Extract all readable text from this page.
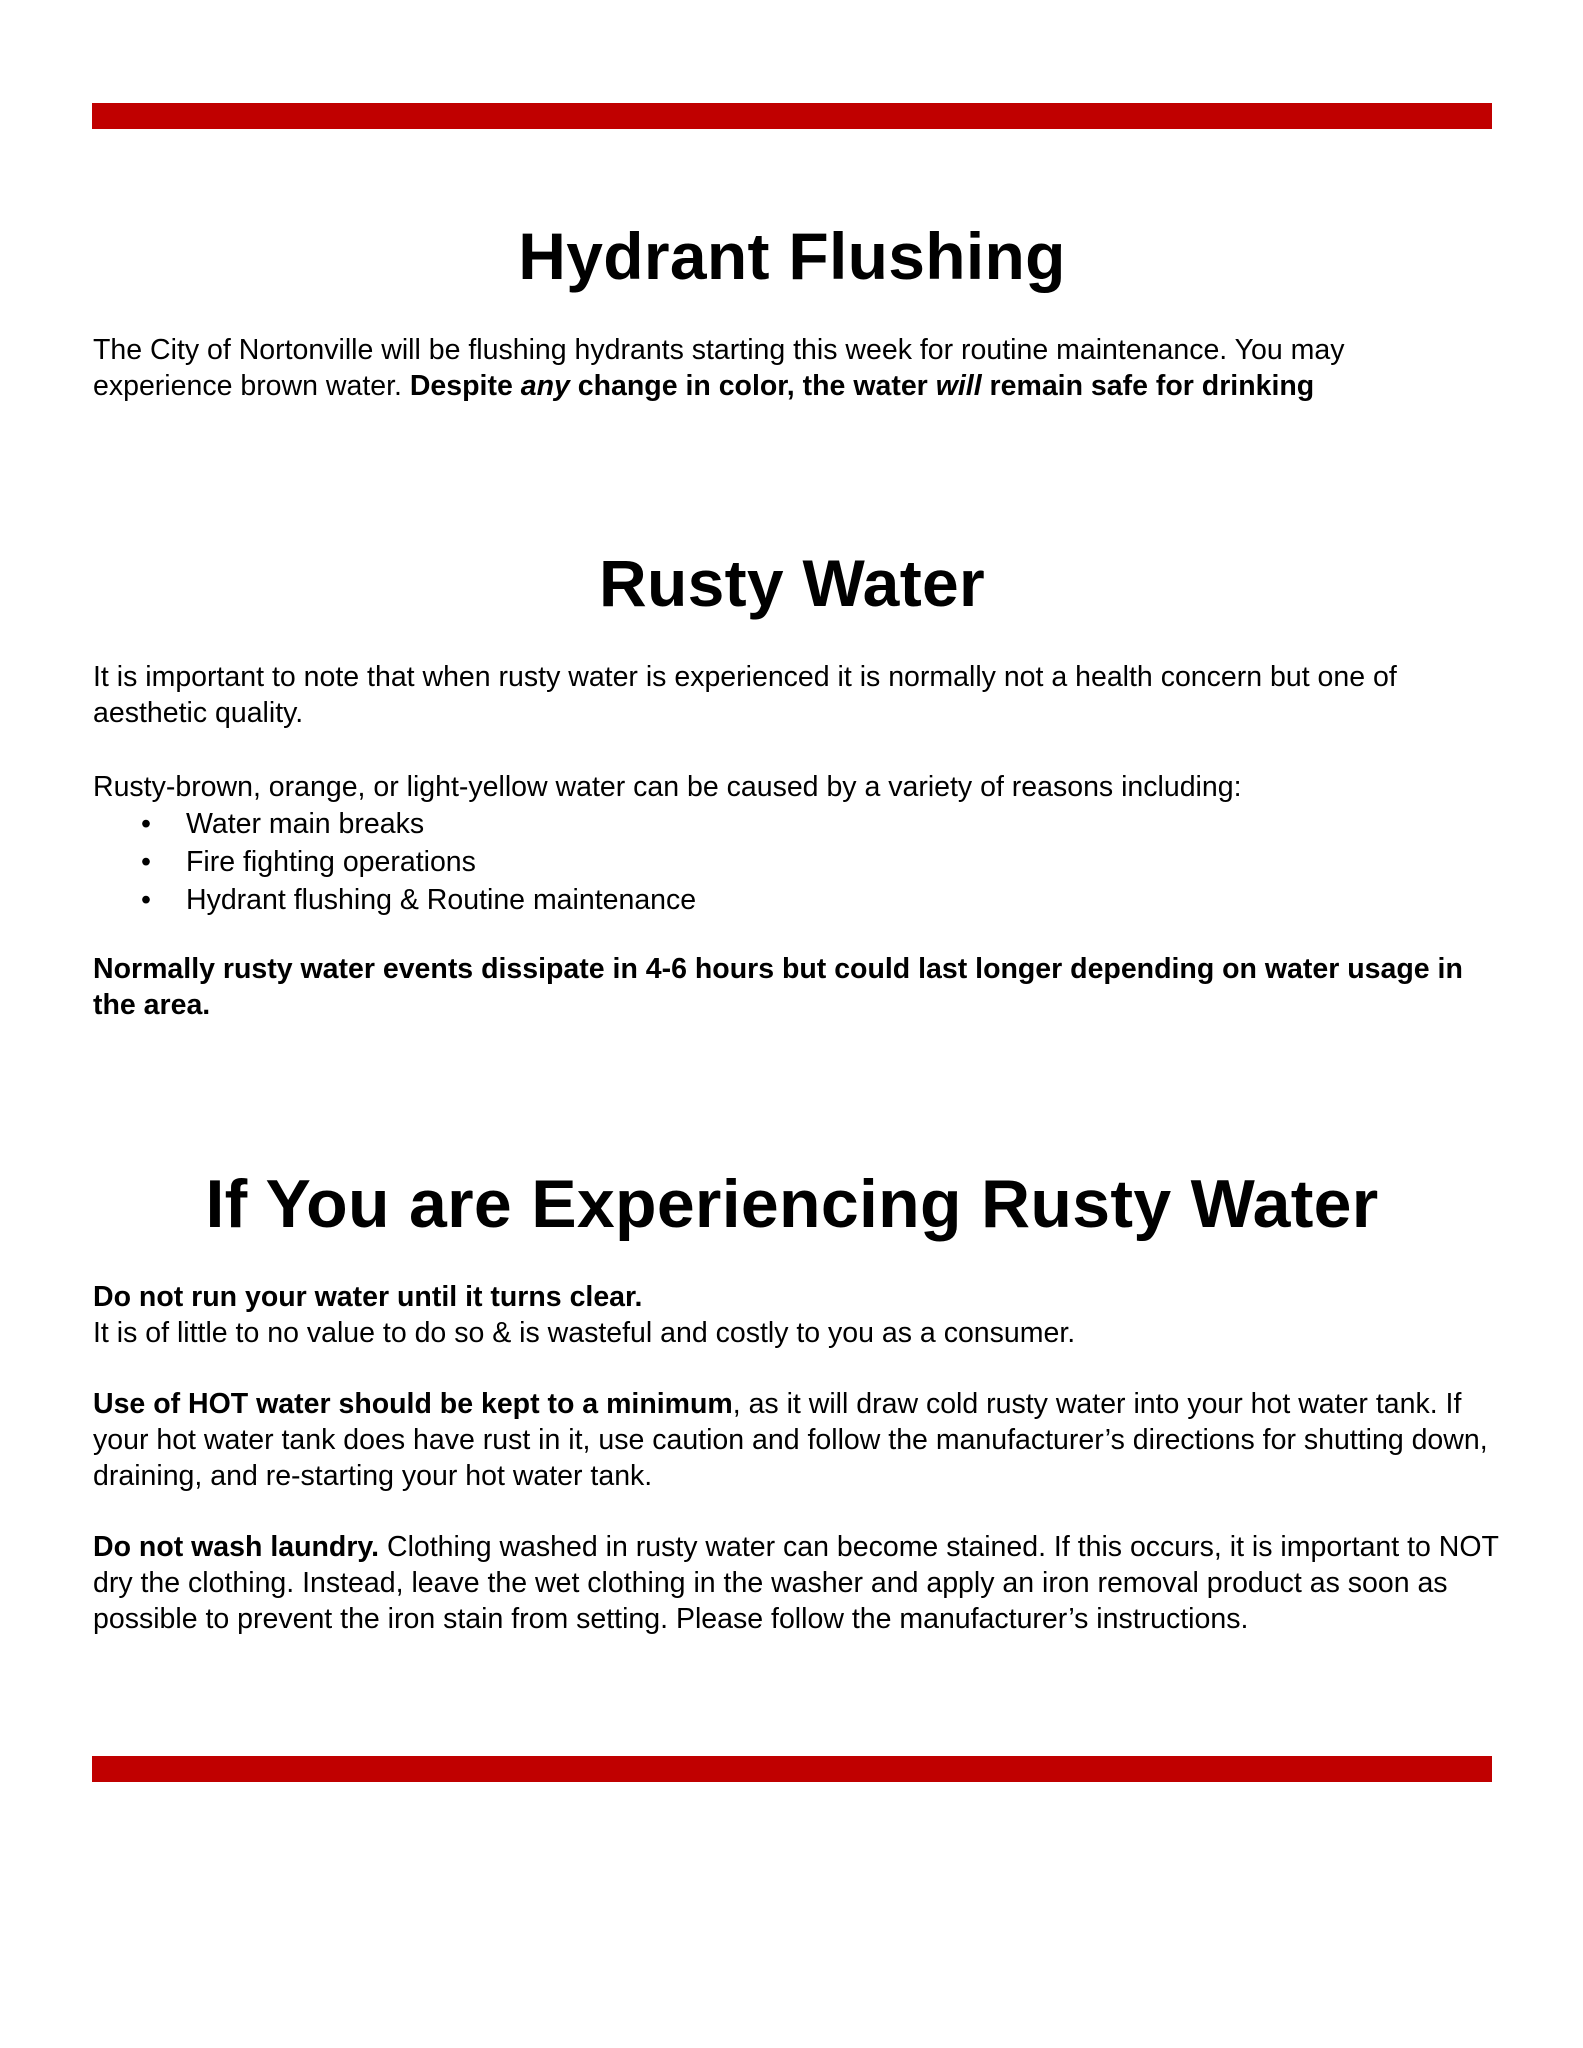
Hydrant Flushing

The City of Nortonville will be flushing hydrants starting this week for routine maintenance. You may
experience brown water. Despite any change in color, the water will remain safe for drinking

Rusty Water

It is important to note that when rusty water is experienced it is normally not a health concern but one of aesthetic quality.

Rusty-brown, orange, or light-yellow water can be caused by a variety of reasons including:
• Water main breaks
• Fire fighting operations
• Hydrant flushing & Routine maintenance

Normally rusty water events dissipate in 4-6 hours but could last longer depending on water usage in the area.

If You are Experiencing Rusty Water

Do not run your water until it turns clear.
It is of little to no value to do so & is wasteful and costly to you as a consumer.

Use of HOT water should be kept to a minimum, as it will draw cold rusty water into your hot water tank. If your hot water tank does have rust in it, use caution and follow the manufacturer’s directions for shutting down, draining, and re-starting your hot water tank.

Do not wash laundry. Clothing washed in rusty water can become stained. If this occurs, it is important to NOT dry the clothing. Instead, leave the wet clothing in the washer and apply an iron removal product as soon as possible to prevent the iron stain from setting. Please follow the manufacturer’s instructions.
